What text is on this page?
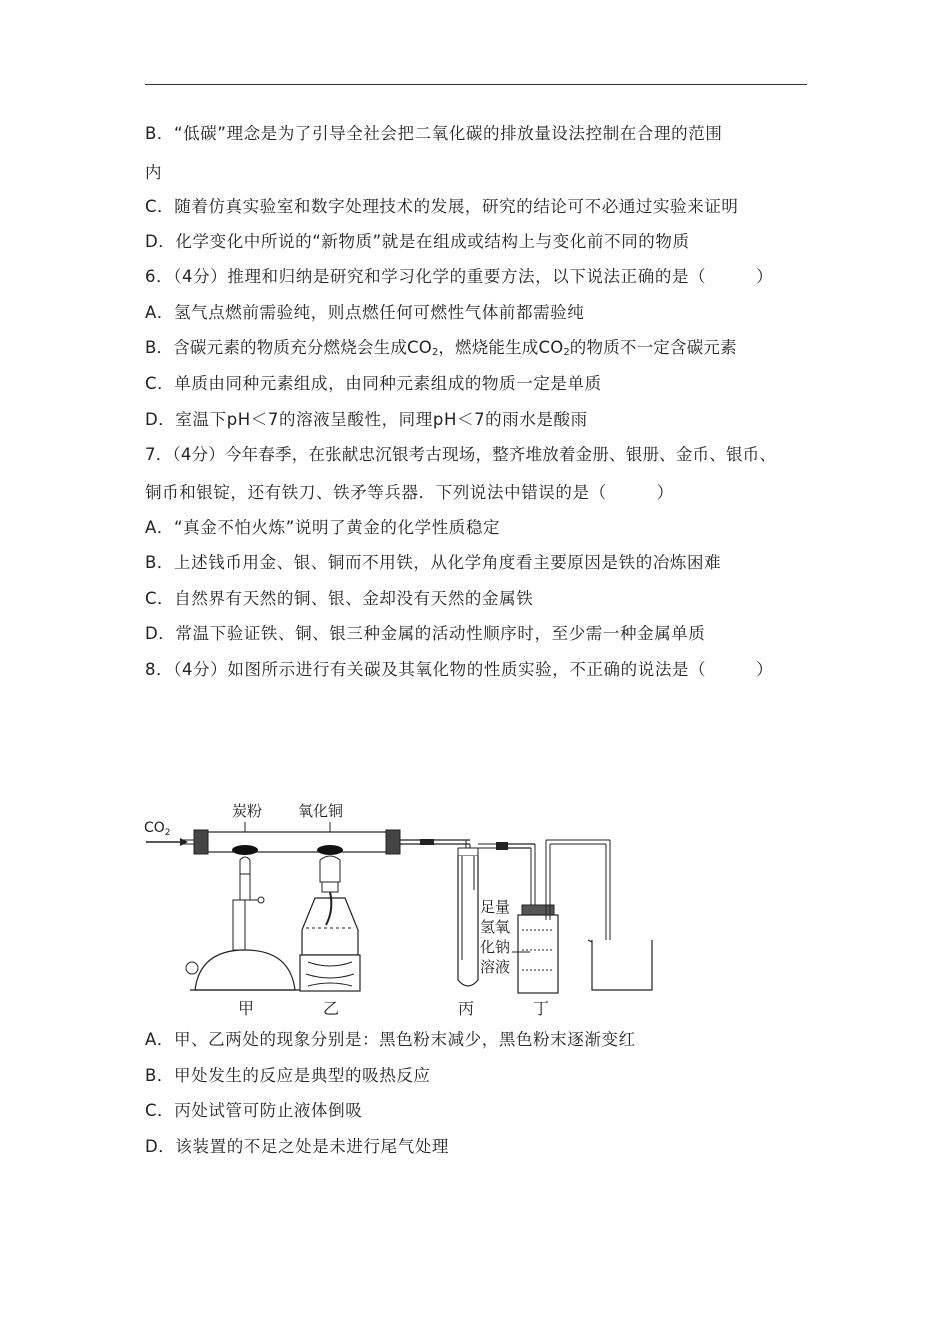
B．“低碳”理念是为了引导全社会把二氧化碳的排放量设法控制在合理的范围
内
C．随着仿真实验室和数字处理技术的发展，研究的结论可不必通过实验来证明
D．化学变化中所说的“新物质”就是在组成或结构上与变化前不同的物质
6．（4分）推理和归纳是研究和学习化学的重要方法，以下说法正确的是（	）
A．氢气点燃前需验纯，则点燃任何可燃性气体前都需验纯
B．含碳元素的物质充分燃烧会生成$CO_2$，燃烧能生成$CO_2$的物质不一定含碳元素
C．单质由同种元素组成，由同种元素组成的物质一定是单质
D．室温下pH＜7的溶液呈酸性，同理pH＜7的雨水是酸雨
7．（4分）今年春季，在张献忠沉银考古现场，整齐堆放着金册、银册、金币、银币、
铜币和银锭，还有铁刀、铁矛等兵器．下列说法中错误的是（	）
A．“真金不怕火炼”说明了黄金的化学性质稳定
B．上述钱币用金、银、铜而不用铁，从化学角度看主要原因是铁的冶炼困难
C．自然界有天然的铜、银、金却没有天然的金属铁
D．常温下验证铁、铜、银三种金属的活动性顺序时，至少需一种金属单质
8．（4分）如图所示进行有关碳及其氧化物的性质实验，不正确的说法是（	）
$CO_2$
炭粉 氧化铜
足量
氢氧
化钠
溶液
甲	乙	丙	丁
A．甲、乙两处的现象分别是：黑色粉末减少，黑色粉末逐渐变红
B．甲处发生的反应是典型的吸热反应
C．丙处试管可防止液体倒吸
D．该装置的不足之处是未进行尾气处理
